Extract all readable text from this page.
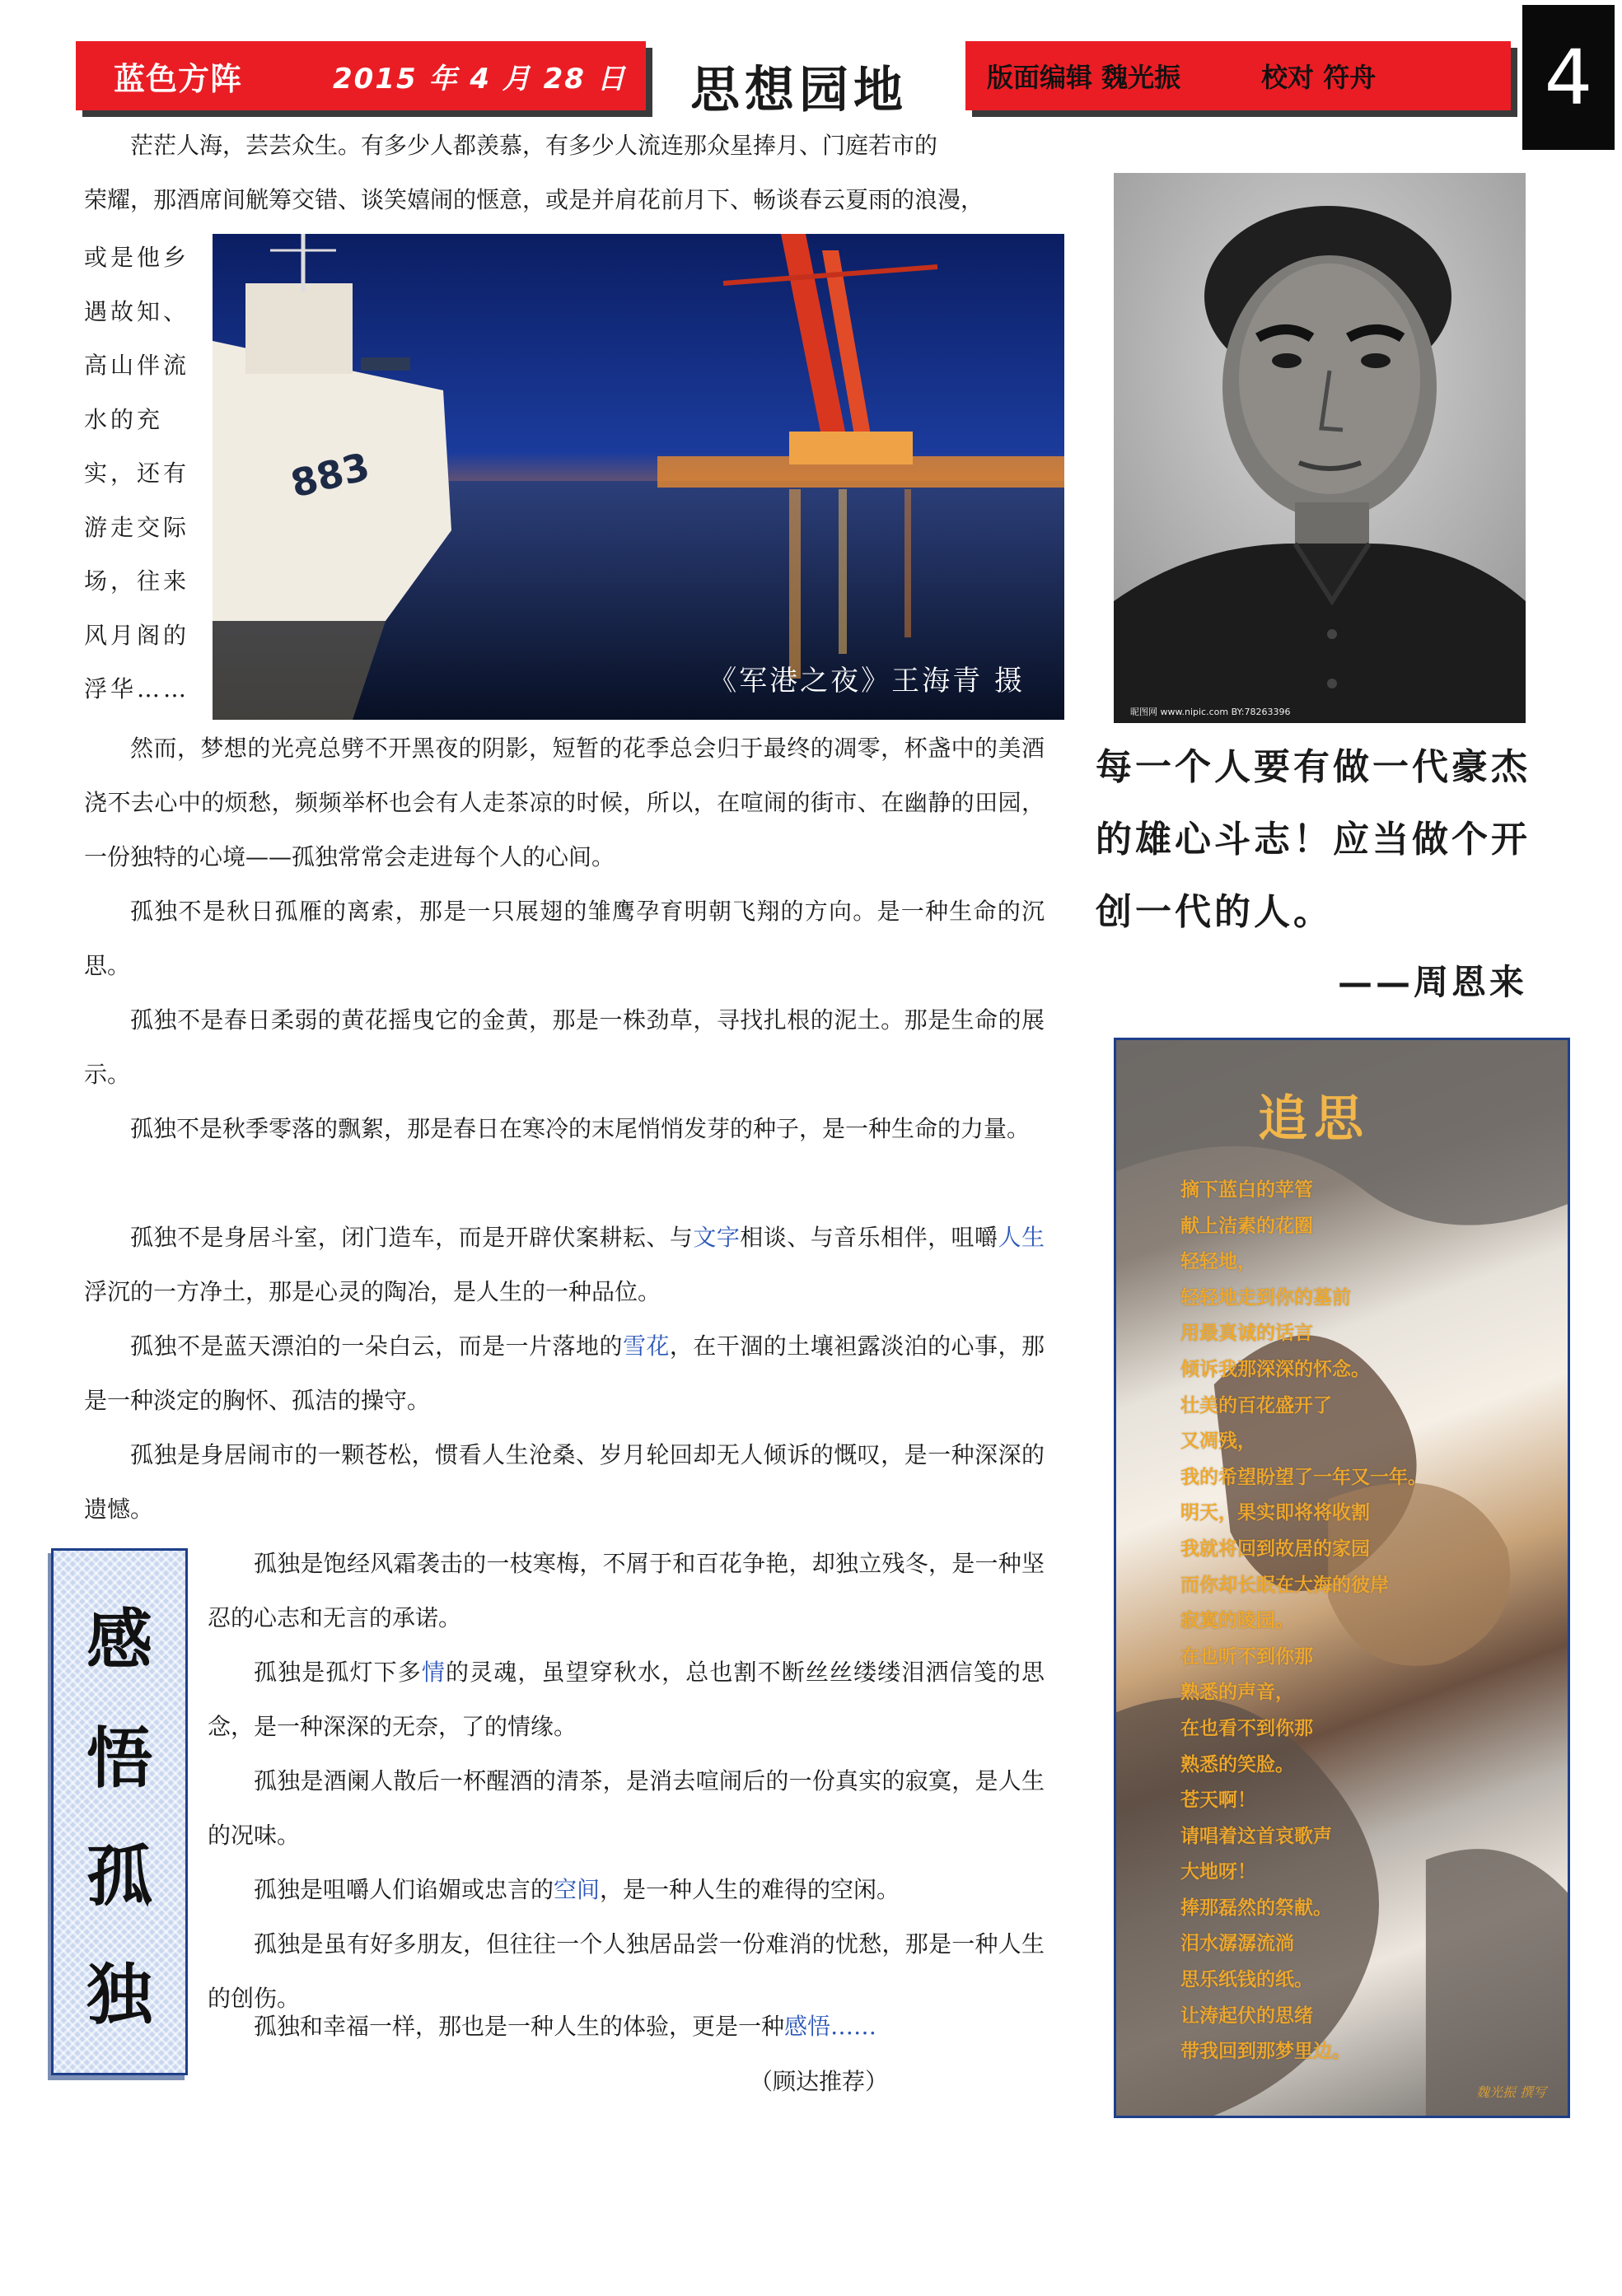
蓝色方阵	2015 年 4 月 28 日 思想园地	版面编辑 魏光振	校对 符舟 4

茫茫人海，芸芸众生。有多少人都羡慕，有多少人流连那众星捧月、门庭若市的

荣耀，那酒席间觥筹交错、谈笑嬉闹的惬意，或是并肩花前月下、畅谈春云夏雨的浪漫，

或是他乡遇故知、高山伴流水的充实，还有游走交际场，往来风月阁的浮华……

883
《军港之夜》王海青 摄

然而，梦想的光亮总劈不开黑夜的阴影，短暂的花季总会归于最终的凋零，杯盏中的美酒浇不去心中的烦愁，频频举杯也会有人走茶凉的时候，所以，在喧闹的街市、在幽静的田园，一份独特的心境——孤独常常会走进每个人的心间。

孤独不是秋日孤雁的离索，那是一只展翅的雏鹰孕育明朝飞翔的方向。是一种生命的沉思。

孤独不是春日柔弱的黄花摇曳它的金黄，那是一株劲草，寻找扎根的泥土。那是生命的展示。

孤独不是秋季零落的飘絮，那是春日在寒冷的末尾悄悄发芽的种子，是一种生命的力量。

孤独不是身居斗室，闭门造车，而是开辟伏案耕耘、与文字相谈、与音乐相伴，咀嚼人生浮沉的一方净土，那是心灵的陶冶，是人生的一种品位。

孤独不是蓝天漂泊的一朵白云，而是一片落地的雪花，在干涸的土壤袒露淡泊的心事，那是一种淡定的胸怀、孤洁的操守。

孤独是身居闹市的一颗苍松，惯看人生沧桑、岁月轮回却无人倾诉的慨叹，是一种深深的遗憾。

孤独是饱经风霜袭击的一枝寒梅，不屑于和百花争艳，却独立残冬，是一种坚忍的心志和无言的承诺。

孤独是孤灯下多情的灵魂，虽望穿秋水，总也割不断丝丝缕缕泪洒信笺的思念，是一种深深的无奈，了的情缘。

孤独是酒阑人散后一杯醒酒的清茶，是消去喧闹后的一份真实的寂寞，是人生的况味。

孤独是咀嚼人们谄媚或忠言的空间，是一种人生的难得的空闲。

孤独是虽有好多朋友，但往往一个人独居品尝一份难消的忧愁，那是一种人生的创伤。

孤独和幸福一样，那也是一种人生的体验，更是一种感悟……

（顾达推荐）
感
悟
孤
独
昵图网 www.nipic.com BY:78263396

每一个人要有做一代豪杰的雄心斗志！应当做个开创一代的人。

——周恩来
追思
摘下蓝白的苹管
献上洁素的花圈
轻轻地，
轻轻地走到你的墓前
用最真诚的话言
倾诉我那深深的怀念。
壮美的百花盛开了
又凋残，
我的希望盼望了一年又一年。
明天，果实即将将收割
我就将回到故居的家园
而你却长眠在大海的彼岸
寂寞的陵园。
在也听不到你那
熟悉的声音，
在也看不到你那
熟悉的笑脸。
苍天啊！
请唱着这首哀歌声
大地呀！
捧那磊然的祭献。
泪水潺潺流淌
思乐纸钱的纸。
让涛起伏的思绪
带我回到那梦里边。
魏光振 撰写
